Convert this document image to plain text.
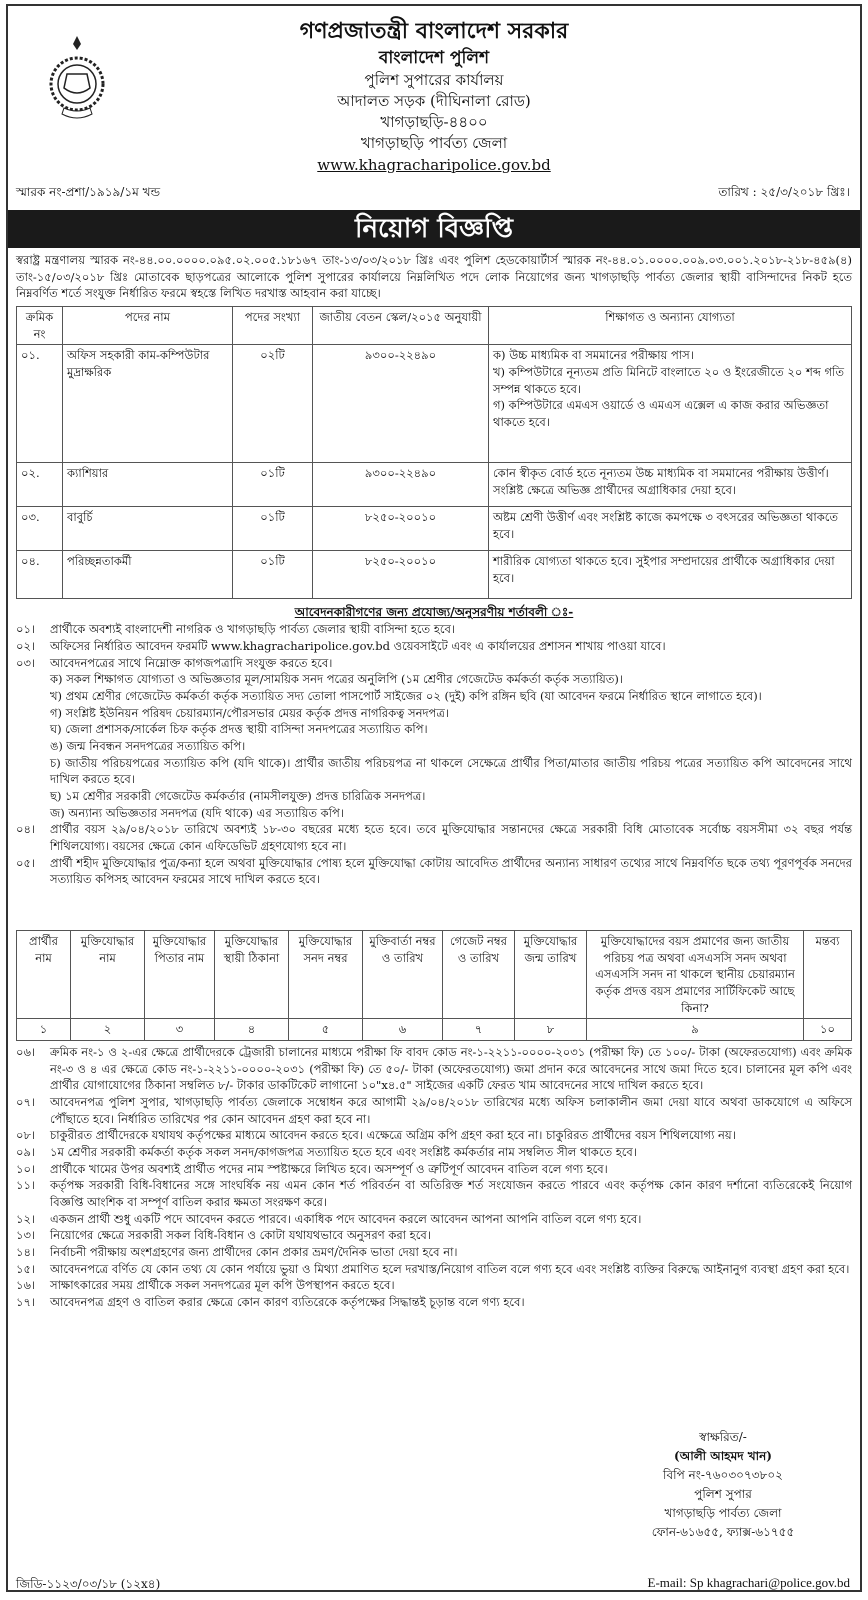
গণপ্রজাতন্ত্রী বাংলাদেশ সরকার
বাংলাদেশ পুলিশ
পুলিশ সুপারের কার্যালয়
আদালত সড়ক (দীঘিনালা রোড)
খাগড়াছড়ি-৪৪০০
খাগড়াছড়ি পার্বত্য জেলা
www.khagracharipolice.gov.bd
স্মারক নং-প্রশা/১৯১৯/১ম খন্ড	তারিখ : ২৫/৩/২০১৮ খ্রিঃ।
নিয়োগ বিজ্ঞপ্তি
স্বরাষ্ট্র মন্ত্রণালয় স্মারক নং-৪৪.০০.০০০০.০৯৫.০২.০০৫.১৮১৬৭ তাং-১৩/০৩/২০১৮ খ্রিঃ এবং পুলিশ হেডকোয়ার্টার্স স্মারক নং-৪৪.০১.০০০০.০০৯.০৩.০০১.২০১৮-২১৮-৪৫৯(৪) তাং-১৫/০৩/২০১৮ খ্রিঃ মোতাবেক ছাড়পত্রের আলোকে পুলিশ সুপারের কার্যালয়ে নিম্নলিখিত পদে লোক নিয়োগের জন্য খাগড়াছড়ি পার্বত্য জেলার স্থায়ী বাসিন্দাদের নিকট হতে নিম্নবর্ণিত শর্তে সংযুক্ত নির্ধারিত ফরমে স্বহস্তে লিখিত দরখাস্ত আহবান করা যাচ্ছে।
ক্রমিক নং	পদের নাম	পদের সংখ্যা	জাতীয় বেতন স্কেল/২০১৫ অনুযায়ী	শিক্ষাগত ও অন্যান্য যোগ্যতা
০১.	অফিস সহকারী কাম-কম্পিউটার মুদ্রাক্ষরিক	০২টি	৯৩০০-২২৪৯০	ক) উচ্চ মাধ্যমিক বা সমমানের পরীক্ষায় পাস।
খ) কম্পিউটারে নূন্যতম প্রতি মিনিটে বাংলাতে ২০ ও ইংরেজীতে ২০ শব্দ গতি সম্পন্ন থাকতে হবে।
গ) কম্পিউটারে এমএস ওয়ার্ডে ও এমএস এক্সেল এ কাজ করার অভিজ্ঞতা থাকতে হবে।

০২.	ক্যাশিয়ার	০১টি	৯৩০০-২২৪৯০	কোন স্বীকৃত বোর্ড হতে নূন্যতম উচ্চ মাধ্যমিক বা সমমানের পরীক্ষায় উত্তীর্ণ। সংশ্লিষ্ট ক্ষেত্রে অভিজ্ঞ প্রার্থীদের অগ্রাধিকার দেয়া হবে।
০৩.	বাবুর্চি	০১টি	৮২৫০-২০০১০	অষ্টম শ্রেণী উত্তীর্ণ এবং সংশ্লিষ্ট কাজে কমপক্ষে ৩ বৎসরের অভিজ্ঞতা থাকতে হবে।
০৪.	পরিচ্ছন্নতাকর্মী	০১টি	৮২৫০-২০০১০	শারীরিক যোগ্যতা থাকতে হবে। সুইপার সম্প্রদায়ের প্রার্থীকে অগ্রাধিকার দেয়া হবে।
আবেদনকারীগণের জন্য প্রযোজ্য/অনুসরণীয় শর্তাবলী ঃ-
০১।	প্রার্থীকে অবশ্যই বাংলাদেশী নাগরিক ও খাগড়াছড়ি পার্বত্য জেলার স্থায়ী বাসিন্দা হতে হবে।
০২।	অফিসের নির্ধারিত আবেদন ফরমটি www.khagracharipolice.gov.bd ওয়েবসাইটে এবং এ কার্যালয়ের প্রশাসন শাখায় পাওয়া যাবে।
০৩।	আবেদনপত্রের সাথে নিম্নোক্ত কাগজপত্রাদি সংযুক্ত করতে হবে।
ক) সকল শিক্ষাগত যোগ্যতা ও অভিজ্ঞতার মূল/সাময়িক সনদ পত্রের অনুলিপি (১ম শ্রেণীর গেজেটেড কর্মকর্তা কর্তৃক সত্যায়িত)।
খ) প্রথম শ্রেণীর গেজেটেড কর্মকর্তা কর্তৃক সত্যায়িত সদ্য তোলা পাসপোর্ট সাইজের ০২ (দুই) কপি রঙ্গিন ছবি (যা আবেদন ফরমে নির্ধারিত স্থানে লাগাতে হবে)।
গ) সংশ্লিষ্ট ইউনিয়ন পরিষদ চেয়ারম্যান/পৌরসভার মেয়র কর্তৃক প্রদত্ত নাগরিকত্ব সনদপত্র।
ঘ) জেলা প্রশাসক/সার্কেল চিফ কর্তৃক প্রদত্ত স্থায়ী বাসিন্দা সনদপত্রের সত্যায়িত কপি।
ঙ) জন্ম নিবন্ধন সনদপত্রের সত্যায়িত কপি।
চ) জাতীয় পরিচয়পত্রের সত্যায়িত কপি (যদি থাকে)। প্রার্থীর জাতীয় পরিচয়পত্র না থাকলে সেক্ষেত্রে প্রার্থীর পিতা/মাতার জাতীয় পরিচয় পত্রের সত্যায়িত কপি আবেদনের সাথে দাখিল করতে হবে।
ছ) ১ম শ্রেণীর সরকারী গেজেটেড কর্মকর্তার (নামসীলযুক্ত) প্রদত্ত চারিত্রিক সনদপত্র।
জ) অন্যান্য অভিজ্ঞতার সনদপত্র (যদি থাকে) এর সত্যায়িত কপি।
০৪।	প্রার্থীর বয়স ২৯/০৪/২০১৮ তারিখে অবশ্যই ১৮-৩০ বছরের মধ্যে হতে হবে। তবে মুক্তিযোদ্ধার সন্তানদের ক্ষেত্রে সরকারী বিধি মোতাবেক সর্বোচ্চ বয়সসীমা ৩২ বছর পর্যন্ত শিথিলযোগ্য। বয়সের ক্ষেত্রে কোন এফিডেভিট গ্রহণযোগ্য হবে না।
০৫।	প্রার্থী শহীদ মুক্তিযোদ্ধার পুত্র/কন্যা হলে অথবা মুক্তিযোদ্ধার পোষ্য হলে মুক্তিযোদ্ধা কোটায় আবেদিত প্রার্থীদের অন্যান্য সাধারণ তথ্যের সাথে নিম্নবর্ণিত ছকে তথ্য পূরণপূর্বক সনদের সত্যায়িত কপিসহ আবেদন ফরমের সাথে দাখিল করতে হবে।
প্রার্থীর নাম	মুক্তিযোদ্ধার নাম	মুক্তিযোদ্ধার পিতার নাম	মুক্তিযোদ্ধার স্থায়ী ঠিকানা	মুক্তিযোদ্ধার সনদ নম্বর	মুক্তিবার্তা নম্বর ও তারিখ	গেজেট নম্বর ও তারিখ	মুক্তিযোদ্ধার জন্ম তারিখ	মুক্তিযোদ্ধাদের বয়স প্রমাণের জন্য জাতীয় পরিচয় পত্র অথবা এসএসসি সনদ অথবা এসএসসি সনদ না থাকলে স্থানীয় চেয়ারম্যান কর্তৃক প্রদত্ত বয়স প্রমাণের সার্টিফিকেট আছে কিনা?	মন্তব্য
১	২	৩	৪	৫	৬	৭	৮	৯	১০
০৬।	ক্রমিক নং-১ ও ২-এর ক্ষেত্রে প্রার্থীদেরকে ট্রেজারী চালানের মাধ্যমে পরীক্ষা ফি বাবদ কোড নং-১-২২১১-০০০০-২০৩১ (পরীক্ষা ফি) তে ১০০/- টাকা (অফেরতযোগ্য) এবং ক্রমিক নং-৩ ও ৪ এর ক্ষেত্রে কোড নং-১-২২১১-০০০০-২০৩১ (পরীক্ষা ফি) তে ৫০/- টাকা (অফেরতযোগ্য) জমা প্রদান করে আবেদনের সাথে জমা দিতে হবে। চালানের মূল কপি এবং প্রার্থীর যোগাযোগের ঠিকানা সম্বলিত ৮/- টাকার ডাকটিকেট লাগানো ১০"x৪.৫" সাইজের একটি ফেরত খাম আবেদনের সাথে দাখিল করতে হবে।
০৭।	আবেদনপত্র পুলিশ সুপার, খাগড়াছড়ি পার্বত্য জেলাকে সম্বোধন করে আগামী ২৯/০৪/২০১৮ তারিখের মধ্যে অফিস চলাকালীন জমা দেয়া যাবে অথবা ডাকযোগে এ অফিসে পৌঁছাতে হবে। নির্ধারিত তারিখের পর কোন আবেদন গ্রহণ করা হবে না।
০৮।	চাকুরীরত প্রার্থীদেরকে যথাযথ কর্তৃপক্ষের মাধ্যমে আবেদন করতে হবে। এক্ষেত্রে অগ্রিম কপি গ্রহণ করা হবে না। চাকুরিরত প্রার্থীদের বয়স শিথিলযোগ্য নয়।
০৯।	১ম শ্রেণীর সরকারী কর্মকর্তা কর্তৃক সকল সনদ/কাগজপত্র সত্যায়িত হতে হবে এবং সংশ্লিষ্ট কর্মকর্তার নাম সম্বলিত সীল থাকতে হবে।
১০।	প্রার্থীকে খামের উপর অবশ্যই প্রার্থীত পদের নাম স্পষ্টাক্ষরে লিখিত হবে। অসম্পূর্ণ ও ত্রুটিপূর্ণ আবেদন বাতিল বলে গণ্য হবে।
১১।	কর্তৃপক্ষ সরকারী বিধি-বিধানের সঙ্গে সাংঘর্ষিক নয় এমন কোন শর্ত পরিবর্তন বা অতিরিক্ত শর্ত সংযোজন করতে পারবে এবং কর্তৃপক্ষ কোন কারণ দর্শানো ব্যতিরেকেই নিয়োগ বিজ্ঞপ্তি আংশিক বা সম্পূর্ণ বাতিল করার ক্ষমতা সংরক্ষণ করে।
১২।	একজন প্রার্থী শুধু একটি পদে আবেদন করতে পারবে। একাধিক পদে আবেদন করলে আবেদন আপনা আপনি বাতিল বলে গণ্য হবে।
১৩।	নিয়োগের ক্ষেত্রে সরকারী সকল বিধি-বিধান ও কোটা যথাযথভাবে অনুসরণ করা হবে।
১৪।	নির্বাচনী পরীক্ষায় অংশগ্রহণের জন্য প্রার্থীদের কোন প্রকার ভ্রমণ/দৈনিক ভাতা দেয়া হবে না।
১৫।	আবেদনপত্রে বর্ণিত যে কোন তথ্য যে কোন পর্যায়ে ভুয়া ও মিথ্যা প্রমাণিত হলে দরখাস্ত/নিয়োগ বাতিল বলে গণ্য হবে এবং সংশ্লিষ্ট ব্যক্তির বিরুদ্ধে আইনানুগ ব্যবস্থা গ্রহণ করা হবে।
১৬।	সাক্ষাৎকারের সময় প্রার্থীকে সকল সনদপত্রের মূল কপি উপস্থাপন করতে হবে।
১৭।	আবেদনপত্র গ্রহণ ও বাতিল করার ক্ষেত্রে কোন কারণ ব্যতিরেকে কর্তৃপক্ষের সিদ্ধান্তই চূড়ান্ত বলে গণ্য হবে।
স্বাক্ষরিত/-
(আলী আহমদ খান)
বিপি নং-৭৬০৩০৭৩৮০২
পুলিশ সুপার
খাগড়াছড়ি পার্বত্য জেলা
ফোন-৬১৬৫৫, ফ্যাক্স-৬১৭৫৫
জিডি-১১২৩/০৩/১৮ (১২x৪)	E-mail: Sp khagrachari@police.gov.bd
